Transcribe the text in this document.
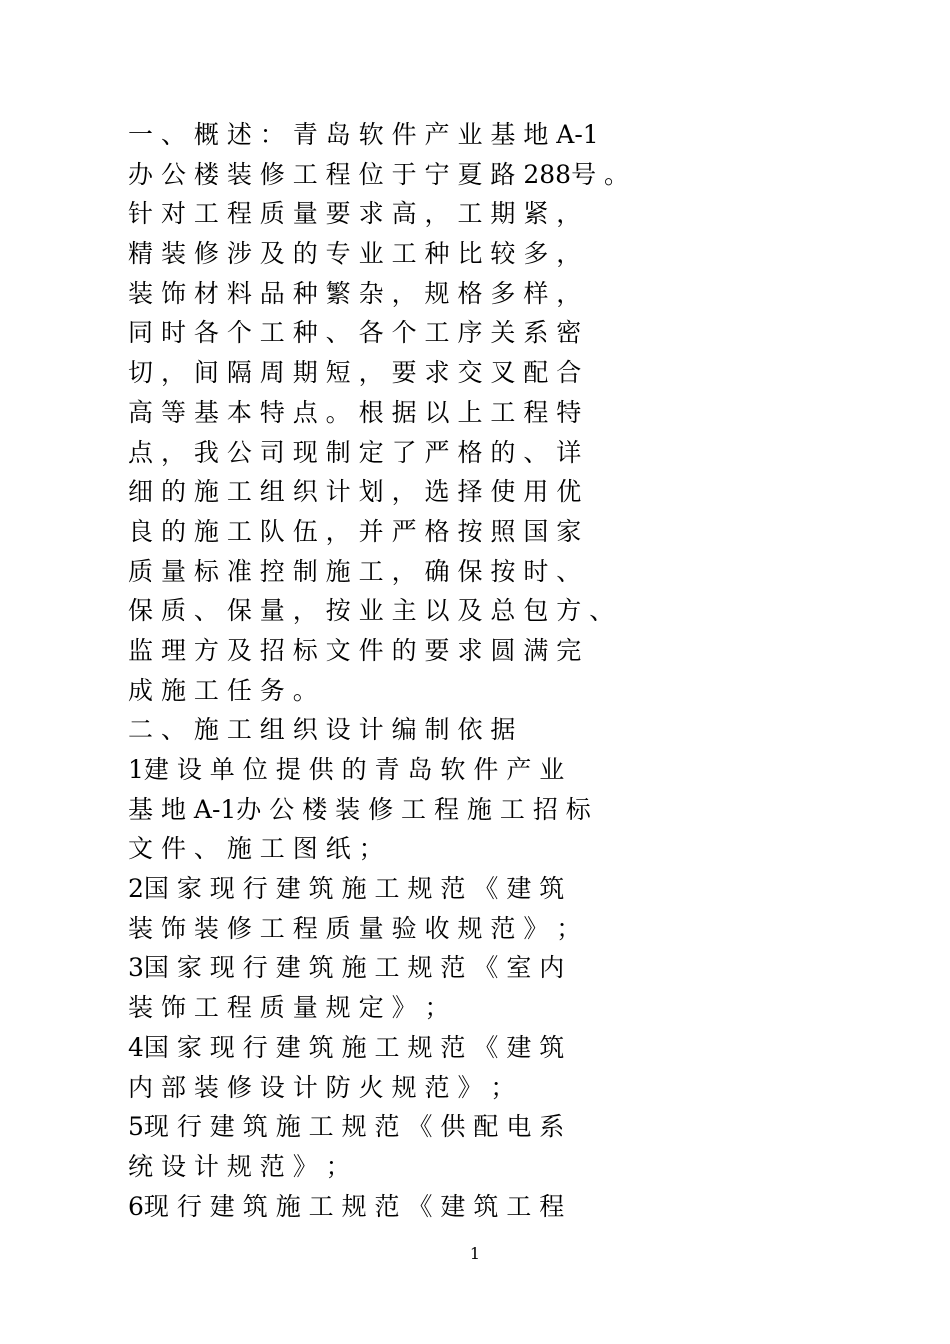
一 、 概 述 ： 青 岛 软 件 产 业 基 地 A-1
办 公 楼 装 修 工 程 位 于 宁 夏 路 288号 。
针 对 工 程 质 量 要 求 高 ， 工 期 紧 ，
精 装 修 涉 及 的 专 业 工 种 比 较 多 ，
装 饰 材 料 品 种 繁 杂 ， 规 格 多 样 ，
同 时 各 个 工 种 、 各 个 工 序 关 系 密
切 ， 间 隔 周 期 短 ， 要 求 交 叉 配 合
高 等 基 本 特 点 。 根 据 以 上 工 程 特
点 ， 我 公 司 现 制 定 了 严 格 的 、 详
细 的 施 工 组 织 计 划 ， 选 择 使 用 优
良 的 施 工 队 伍 ， 并 严 格 按 照 国 家
质 量 标 准 控 制 施 工 ， 确 保 按 时 、
保 质 、 保 量 ， 按 业 主 以 及 总 包 方 、
监 理 方 及 招 标 文 件 的 要 求 圆 满 完
成 施 工 任 务 。
二 、 施 工 组 织 设 计 编 制 依 据
1建 设 单 位 提 供 的 青 岛 软 件 产 业
基 地 A-1办 公 楼 装 修 工 程 施 工 招 标
文 件 、 施 工 图 纸 ；
2国 家 现 行 建 筑 施 工 规 范 《 建 筑
装 饰 装 修 工 程 质 量 验 收 规 范 》 ；
3国 家 现 行 建 筑 施 工 规 范 《 室 内
装 饰 工 程 质 量 规 定 》 ；
4国 家 现 行 建 筑 施 工 规 范 《 建 筑
内 部 装 修 设 计 防 火 规 范 》 ；
5现 行 建 筑 施 工 规 范 《 供 配 电 系
统 设 计 规 范 》 ；
6现 行 建 筑 施 工 规 范 《 建 筑 工 程
1
